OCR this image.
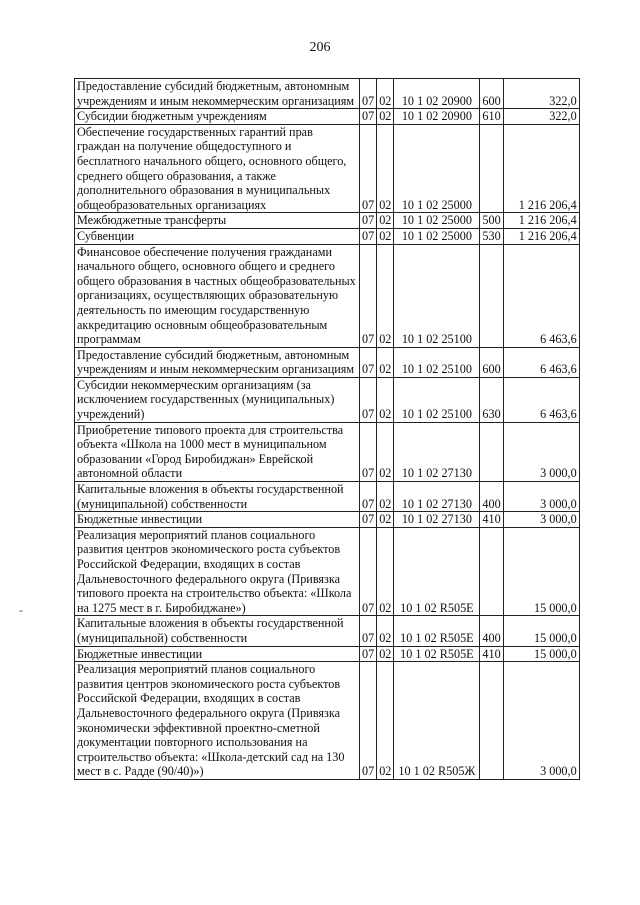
206
-
Предоставление субсидий бюджетным, автономным учреждениям и иным некоммерческим организациям	07	02	10 1 02 20900	600	322,0
Субсидии бюджетным учреждениям	07	02	10 1 02 20900	610	322,0
Обеспечение государственных гарантий прав граждан на получение общедоступного и бесплатного начального общего, основного общего, среднего общего образования, а также дополнительного образования в муниципальных общеобразовательных организациях	07	02	10 1 02 25000		1 216 206,4
Межбюджетные трансферты	07	02	10 1 02 25000	500	1 216 206,4
Субвенции	07	02	10 1 02 25000	530	1 216 206,4
Финансовое обеспечение получения гражданами начального общего, основного общего и среднего общего образования в частных общеобразовательных организациях, осуществляющих образовательную деятельность по имеющим государственную аккредитацию основным общеобразовательным программам	07	02	10 1 02 25100		6 463,6
Предоставление субсидий бюджетным, автономным учреждениям и иным некоммерческим организациям	07	02	10 1 02 25100	600	6 463,6
Субсидии некоммерческим организациям (за исключением государственных (муниципальных) учреждений)	07	02	10 1 02 25100	630	6 463,6
Приобретение типового проекта для строительства объекта «Школа на 1000 мест в муниципальном образовании «Город Биробиджан» Еврейской автономной области	07	02	10 1 02 27130		3 000,0
Капитальные вложения в объекты государственной (муниципальной) собственности	07	02	10 1 02 27130	400	3 000,0
Бюджетные инвестиции	07	02	10 1 02 27130	410	3 000,0
Реализация мероприятий планов социального развития центров экономического роста субъектов Российской Федерации, входящих в состав Дальневосточного федерального округа (Привязка типового проекта на строительство объекта: «Школа на 1275 мест в г. Биробиджане»)	07	02	10 1 02 R505Е		15 000,0
Капитальные вложения в объекты государственной (муниципальной) собственности	07	02	10 1 02 R505Е	400	15 000,0
Бюджетные инвестиции	07	02	10 1 02 R505Е	410	15 000,0
Реализация мероприятий планов социального развития центров экономического роста субъектов Российской Федерации, входящих в состав Дальневосточного федерального округа (Привязка экономически эффективной проектно-сметной документации повторного использования на строительство объекта: «Школа-детский сад на 130 мест в с. Радде (90/40)»)	07	02	10 1 02 R505Ж		3 000,0
